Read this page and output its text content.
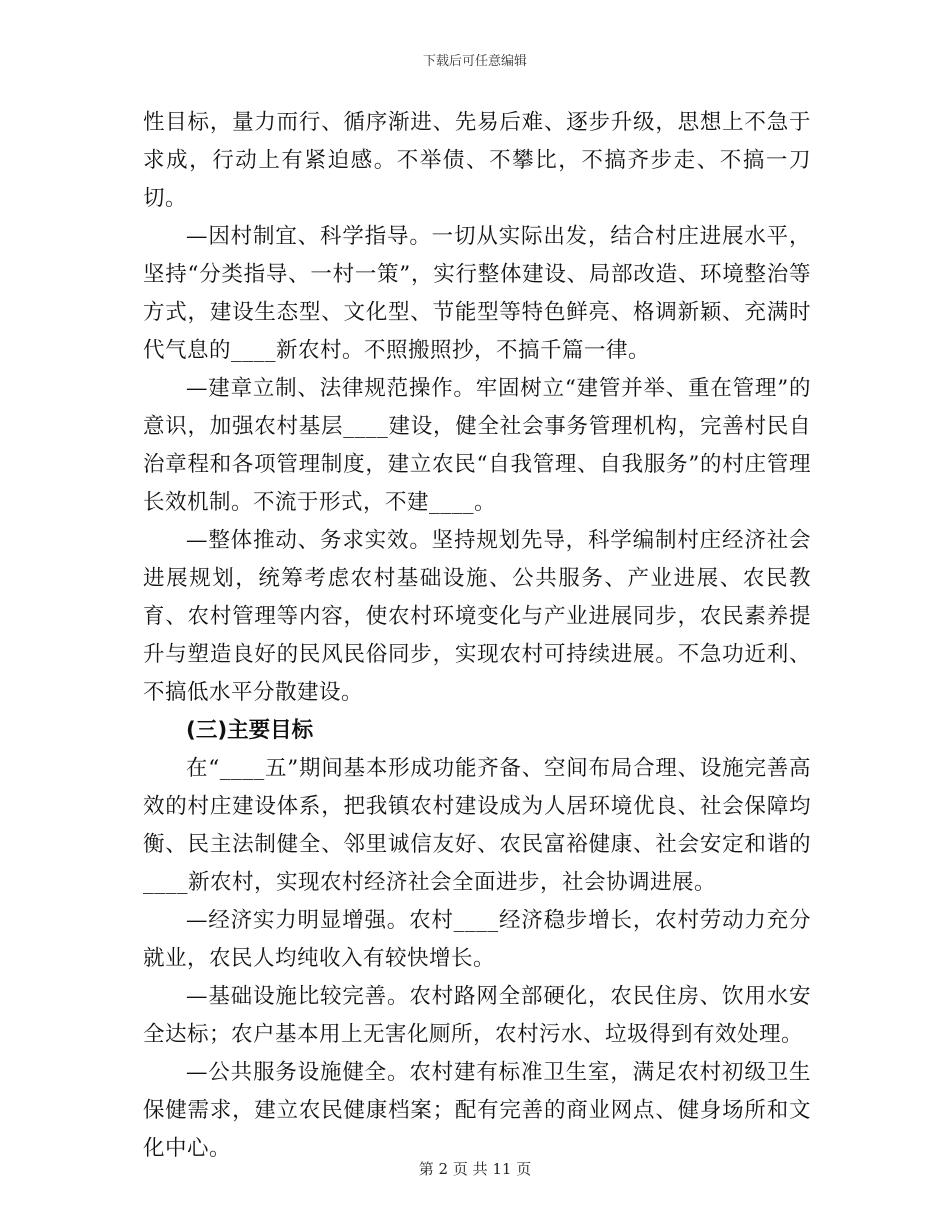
下载后可任意编辑

性目标，量力而行、循序渐进、先易后难、逐步升级，思想上不急于求成，行动上有紧迫感。不举债、不攀比，不搞齐步走、不搞一刀切。

—因村制宜、科学指导。一切从实际出发，结合村庄进展水平，坚持“分类指导、一村一策”，实行整体建设、局部改造、环境整治等方式，建设生态型、文化型、节能型等特色鲜亮、格调新颖、充满时代气息的____新农村。不照搬照抄，不搞千篇一律。

—建章立制、法律规范操作。牢固树立“建管并举、重在管理”的意识，加强农村基层____建设，健全社会事务管理机构，完善村民自治章程和各项管理制度，建立农民“自我管理、自我服务”的村庄管理长效机制。不流于形式，不建____。

—整体推动、务求实效。坚持规划先导，科学编制村庄经济社会进展规划，统筹考虑农村基础设施、公共服务、产业进展、农民教育、农村管理等内容，使农村环境变化与产业进展同步，农民素养提升与塑造良好的民风民俗同步，实现农村可持续进展。不急功近利、不搞低水平分散建设。

(三)主要目标

在“____五”期间基本形成功能齐备、空间布局合理、设施完善高效的村庄建设体系，把我镇农村建设成为人居环境优良、社会保障均衡、民主法制健全、邻里诚信友好、农民富裕健康、社会安定和谐的____新农村，实现农村经济社会全面进步，社会协调进展。

—经济实力明显增强。农村____经济稳步增长，农村劳动力充分就业，农民人均纯收入有较快增长。

—基础设施比较完善。农村路网全部硬化，农民住房、饮用水安全达标；农户基本用上无害化厕所，农村污水、垃圾得到有效处理。

—公共服务设施健全。农村建有标准卫生室，满足农村初级卫生保健需求，建立农民健康档案；配有完善的商业网点、健身场所和文化中心。

第 2 页 共 11 页
